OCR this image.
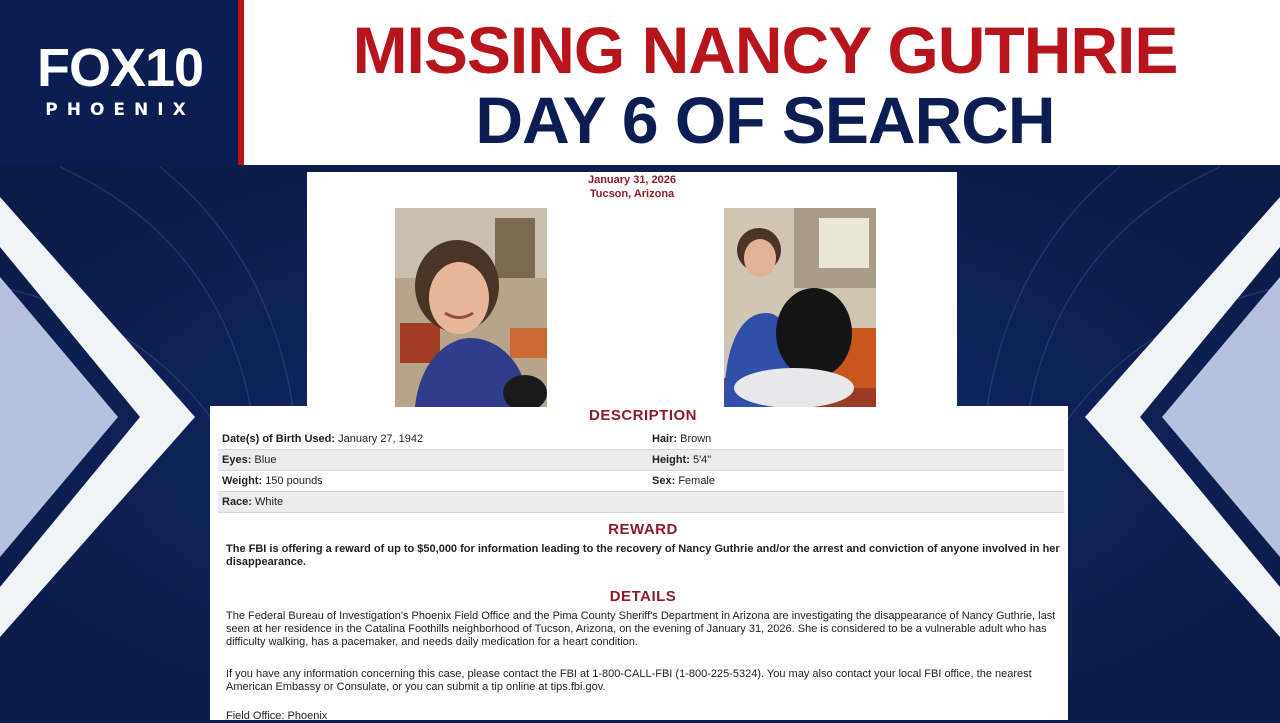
FOX10
PHOENIX
MISSING NANCY GUTHRIE
DAY 6 OF SEARCH
January 31, 2026
Tucson, Arizona
DESCRIPTION
Date(s) of Birth Used: January 27, 1942	Hair: Brown
Eyes: Blue	Height: 5'4"
Weight: 150 pounds	Sex: Female
Race: White	
REWARD
The FBI is offering a reward of up to $50,000 for information leading to the recovery of Nancy Guthrie and/or the arrest and conviction of anyone involved in her disappearance.
DETAILS
The Federal Bureau of Investigation's Phoenix Field Office and the Pima County Sheriff's Department in Arizona are investigating the disappearance of Nancy Guthrie, last seen at her residence in the Catalina Foothills neighborhood of Tucson, Arizona, on the evening of January 31, 2026. She is considered to be a vulnerable adult who has difficulty walking, has a pacemaker, and needs daily medication for a heart condition.
If you have any information concerning this case, please contact the FBI at 1-800-CALL-FBI (1-800-225-5324). You may also contact your local FBI office, the nearest American Embassy or Consulate, or you can submit a tip online at tips.fbi.gov.
Field Office: Phoenix
